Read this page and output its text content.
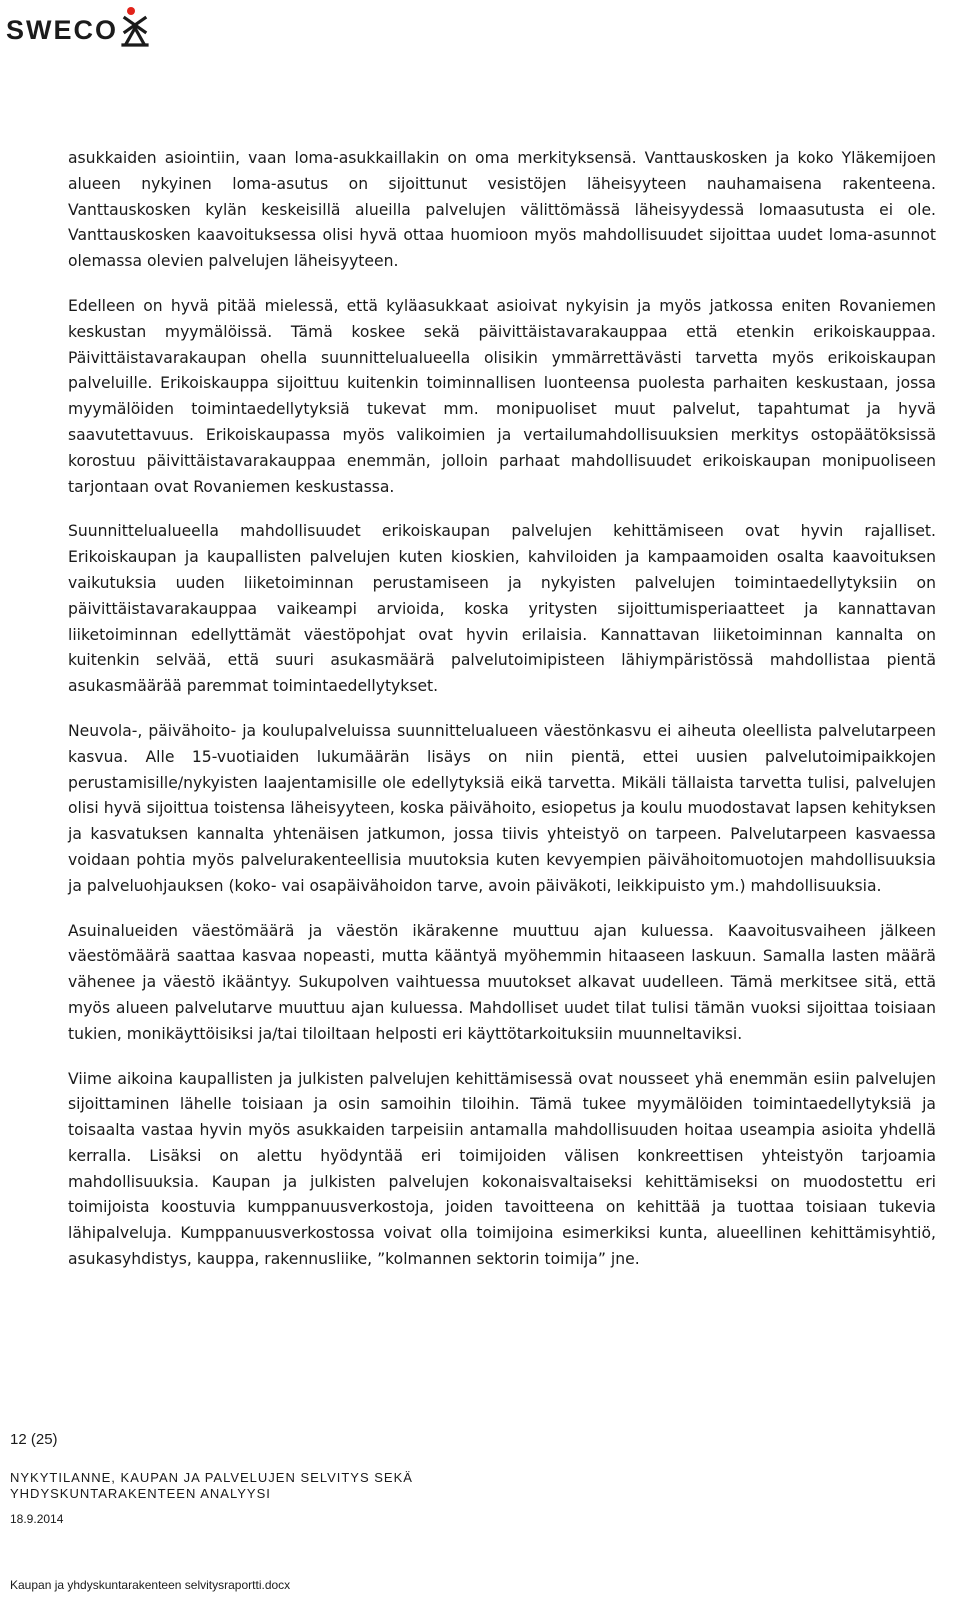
SWECO

asukkaiden asiointiin, vaan loma-asukkaillakin on oma merkityksensä. Vanttauskosken ja koko Yläkemijoen alueen nykyinen loma-asutus on sijoittunut vesistöjen läheisyyteen nauhamaisena rakenteena. Vanttauskosken kylän keskeisillä alueilla palvelujen välittömässä läheisyydessä lomaasutusta ei ole. Vanttauskosken kaavoituksessa olisi hyvä ottaa huomioon myös mahdollisuudet sijoittaa uudet loma-asunnot olemassa olevien palvelujen läheisyyteen.

Edelleen on hyvä pitää mielessä, että kyläasukkaat asioivat nykyisin ja myös jatkossa eniten Rovaniemen keskustan myymälöissä. Tämä koskee sekä päivittäistavarakauppaa että etenkin erikoiskauppaa. Päivittäistavarakaupan ohella suunnittelualueella olisikin ymmärrettävästi tarvetta myös erikoiskaupan palveluille. Erikoiskauppa sijoittuu kuitenkin toiminnallisen luonteensa puolesta parhaiten keskustaan, jossa myymälöiden toimintaedellytyksiä tukevat mm. monipuoliset muut palvelut, tapahtumat ja hyvä saavutettavuus. Erikoiskaupassa myös valikoimien ja vertailumahdollisuuksien merkitys ostopäätöksissä korostuu päivittäistavarakauppaa enemmän, jolloin parhaat mahdollisuudet erikoiskaupan monipuoliseen tarjontaan ovat Rovaniemen keskustassa.

Suunnittelualueella mahdollisuudet erikoiskaupan palvelujen kehittämiseen ovat hyvin rajalliset. Erikoiskaupan ja kaupallisten palvelujen kuten kioskien, kahviloiden ja kampaamoiden osalta kaavoituksen vaikutuksia uuden liiketoiminnan perustamiseen ja nykyisten palvelujen toimintaedellytyksiin on päivittäistavarakauppaa vaikeampi arvioida, koska yritysten sijoittumisperiaatteet ja kannattavan liiketoiminnan edellyttämät väestöpohjat ovat hyvin erilaisia. Kannattavan liiketoiminnan kannalta on kuitenkin selvää, että suuri asukasmäärä palvelutoimipisteen lähiympäristössä mahdollistaa pientä asukasmäärää paremmat toimintaedellytykset.

Neuvola-, päivähoito- ja koulupalveluissa suunnittelualueen väestönkasvu ei aiheuta oleellista palvelutarpeen kasvua. Alle 15-vuotiaiden lukumäärän lisäys on niin pientä, ettei uusien palvelutoimipaikkojen perustamisille/nykyisten laajentamisille ole edellytyksiä eikä tarvetta. Mikäli tällaista tarvetta tulisi, palvelujen olisi hyvä sijoittua toistensa läheisyyteen, koska päivähoito, esiopetus ja koulu muodostavat lapsen kehityksen ja kasvatuksen kannalta yhtenäisen jatkumon, jossa tiivis yhteistyö on tarpeen. Palvelutarpeen kasvaessa voidaan pohtia myös palvelurakenteellisia muutoksia kuten kevyempien päivähoitomuotojen mahdollisuuksia ja palveluohjauksen (koko- vai osapäivähoidon tarve, avoin päiväkoti, leikkipuisto ym.) mahdollisuuksia.

Asuinalueiden väestömäärä ja väestön ikärakenne muuttuu ajan kuluessa. Kaavoitusvaiheen jälkeen väestömäärä saattaa kasvaa nopeasti, mutta kääntyä myöhemmin hitaaseen laskuun. Samalla lasten määrä vähenee ja väestö ikääntyy. Sukupolven vaihtuessa muutokset alkavat uudelleen. Tämä merkitsee sitä, että myös alueen palvelutarve muuttuu ajan kuluessa. Mahdolliset uudet tilat tulisi tämän vuoksi sijoittaa toisiaan tukien, monikäyttöisiksi ja/tai tiloiltaan helposti eri käyttötarkoituksiin muunneltaviksi.

Viime aikoina kaupallisten ja julkisten palvelujen kehittämisessä ovat nousseet yhä enemmän esiin palvelujen sijoittaminen lähelle toisiaan ja osin samoihin tiloihin. Tämä tukee myymälöiden toimintaedellytyksiä ja toisaalta vastaa hyvin myös asukkaiden tarpeisiin antamalla mahdollisuuden hoitaa useampia asioita yhdellä kerralla. Lisäksi on alettu hyödyntää eri toimijoiden välisen konkreettisen yhteistyön tarjoamia mahdollisuuksia. Kaupan ja julkisten palvelujen kokonaisvaltaiseksi kehittämiseksi on muodostettu eri toimijoista koostuvia kumppanuusverkostoja, joiden tavoitteena on kehittää ja tuottaa toisiaan tukevia lähipalveluja. Kumppanuusverkostossa voivat olla toimijoina esimerkiksi kunta, alueellinen kehittämisyhtiö, asukasyhdistys, kauppa, rakennusliike, ”kolmannen sektorin toimija” jne.

12 (25)
NYKYTILANNE, KAUPAN JA PALVELUJEN SELVITYS SEKÄ
YHDYSKUNTARAKENTEEN ANALYYSI
18.9.2014
Kaupan ja yhdyskuntarakenteen selvitysraportti.docx
